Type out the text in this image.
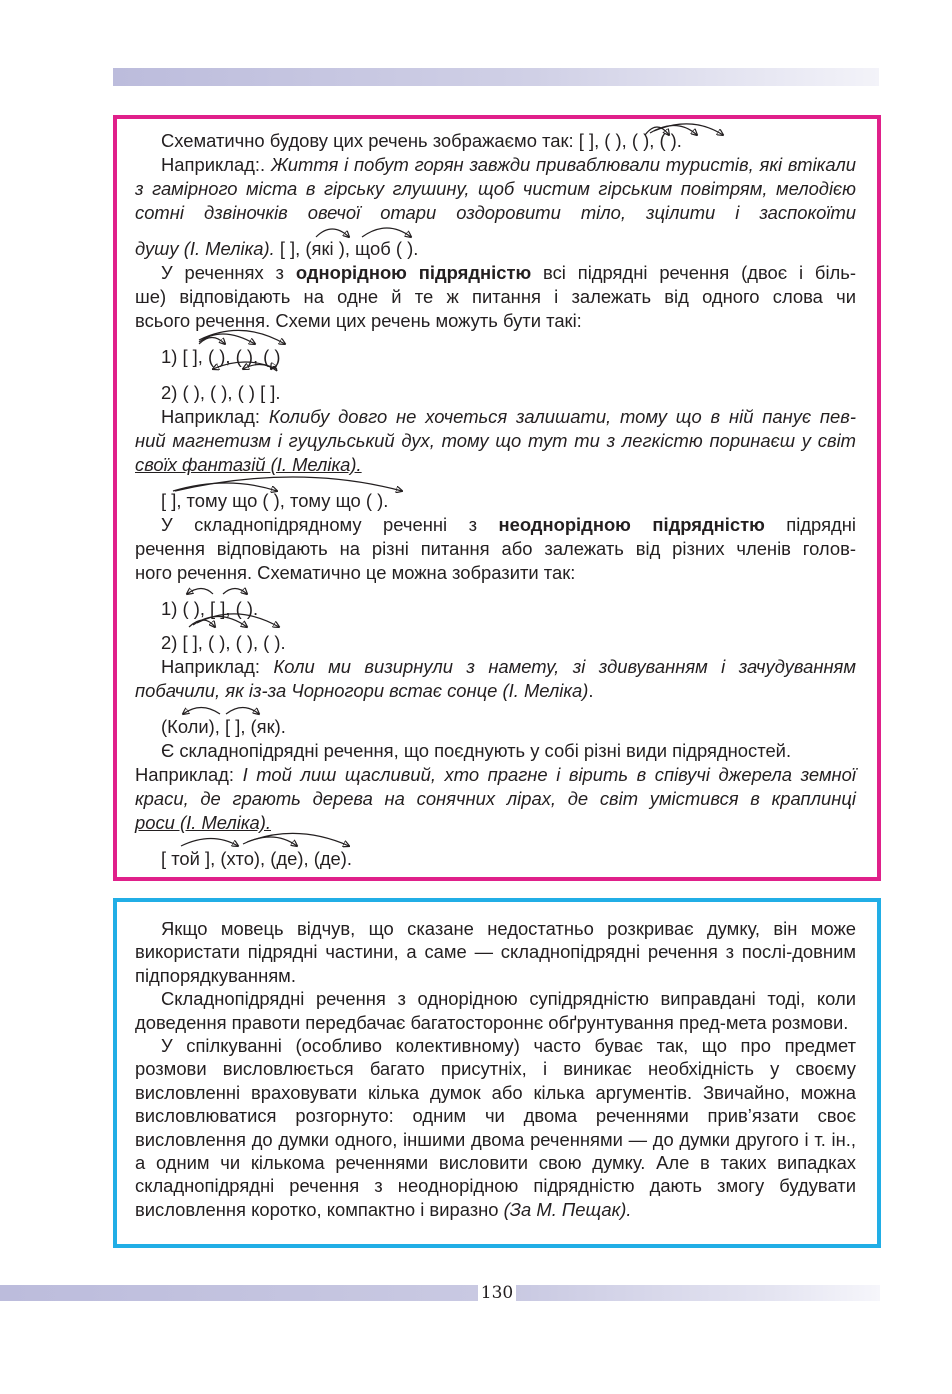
Схематично будову цих речень зображаємо так: [ ], ( ), ( ), ( ).
Наприклад:. Життя і побут горян завжди приваблювали туристів, які втікали
з гамірного міста в гірську глушину, щоб чистим гірським повітрям, мелодією
сотні дзвіночків овечої отари оздоровити тіло, зцілити і заспокоїти
душу (І. Меліка). [ ], (які ), щоб ( ).
У реченнях з однорідною підрядністю всі підрядні речення (двоє і біль-
ше) відповідають на одне й те ж питання і залежать від одного слова чи
всього речення. Схеми цих речень можуть бути такі:
1) [ ], ( ), ( ), ( )
2) ( ), ( ), ( ) [ ].
Наприклад: Колибу довго не хочеться залишати, тому що в ній панує пев-
ний магнетизм і гуцульський дух, тому що тут ти з легкістю поринаєш у світ
своїх фантазій (І. Меліка).
[ ], тому що ( ), тому що ( ).
У складнопідрядному реченні з неоднорідною підрядністю підрядні
речення відповідають на різні питання або залежать від різних членів голов-
ного речення. Схематично це можна зобразити так:
1) ( ), [ ], ( ).
2) [ ], ( ), ( ), ( ).
Наприклад: Коли ми визирнули з намету, зі здивуванням і зачудуванням
побачили, як із-за Чорногори встає сонце (І. Меліка).
(Коли), [ ], (як).
Є складнопідрядні речення, що поєднують у собі різні види підрядностей.
Наприклад: І той лиш щасливий, хто прагне і вірить в співучі джерела земної
краси, де грають дерева на сонячних лірах, де світ умістився в краплинці
роси (І. Меліка).
[ той ], (хто), (де), (де).

Якщо мовець відчув, що сказане недостатньо розкриває думку, він може використати підрядні частини, а саме — складнопідрядні речення з послі-довним підпорядкуванням.

Складнопідрядні речення з однорідною супідрядністю виправдані тоді, коли доведення правоти передбачає багатостороннє обґрунтування пред-мета розмови.

У спілкуванні (особливо колективному) часто буває так, що про предмет розмови висловлюється багато присутніх, і виникає необхідність у своєму висловленні враховувати кілька думок або кілька аргументів. Звичайно, можна висловлюватися розгорнуто: одним чи двома реченнями прив’язати своє висловлення до думки одного, іншими двома реченнями — до думки другого і т. ін., а одним чи кількома реченнями висловити свою думку. Але в таких випадках складнопідрядні речення з неоднорідною підрядністю дають змогу будувати висловлення коротко, компактно і виразно (За М. Пещак).

130
